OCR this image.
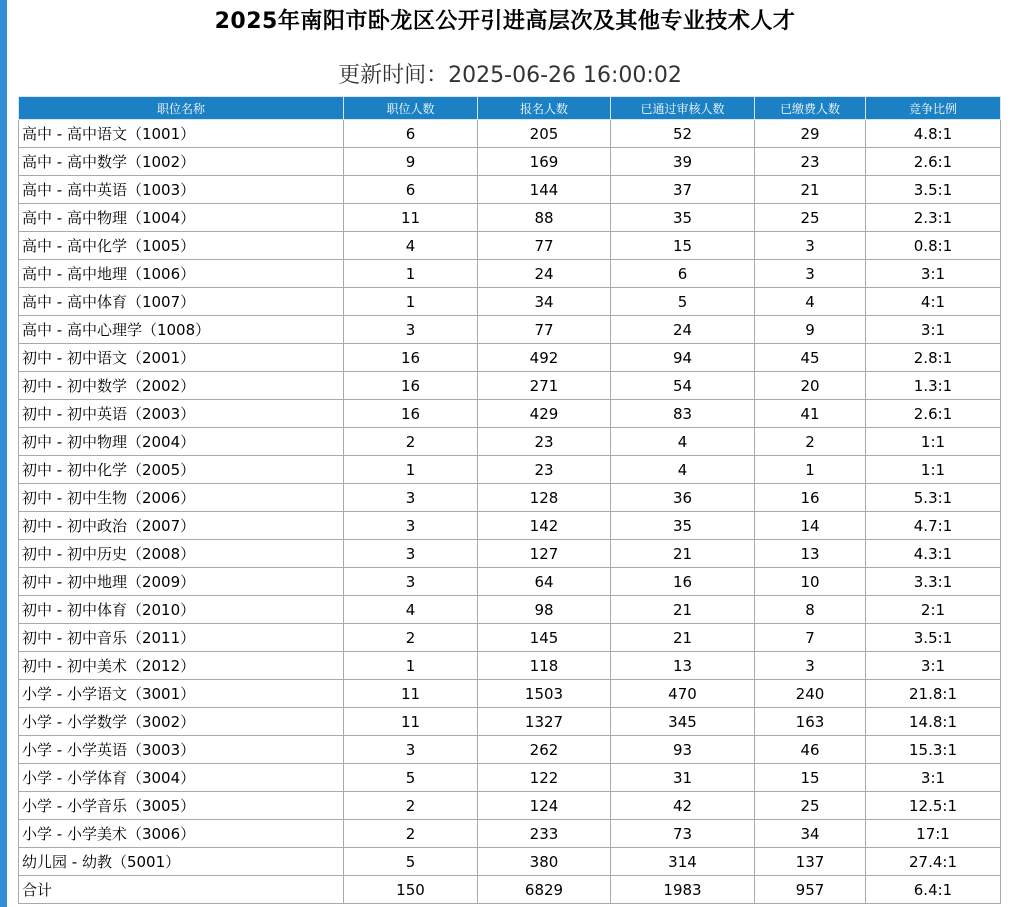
2025年南阳市卧龙区公开引进高层次及其他专业技术人才
更新时间：2025-06-26 16:00:02
职位名称	职位人数	报名人数	已通过审核人数	已缴费人数	竞争比例
高中 - 高中语文（1001）	6	205	52	29	4.8:1
高中 - 高中数学（1002）	9	169	39	23	2.6:1
高中 - 高中英语（1003）	6	144	37	21	3.5:1
高中 - 高中物理（1004）	11	88	35	25	2.3:1
高中 - 高中化学（1005）	4	77	15	3	0.8:1
高中 - 高中地理（1006）	1	24	6	3	3:1
高中 - 高中体育（1007）	1	34	5	4	4:1
高中 - 高中心理学（1008）	3	77	24	9	3:1
初中 - 初中语文（2001）	16	492	94	45	2.8:1
初中 - 初中数学（2002）	16	271	54	20	1.3:1
初中 - 初中英语（2003）	16	429	83	41	2.6:1
初中 - 初中物理（2004）	2	23	4	2	1:1
初中 - 初中化学（2005）	1	23	4	1	1:1
初中 - 初中生物（2006）	3	128	36	16	5.3:1
初中 - 初中政治（2007）	3	142	35	14	4.7:1
初中 - 初中历史（2008）	3	127	21	13	4.3:1
初中 - 初中地理（2009）	3	64	16	10	3.3:1
初中 - 初中体育（2010）	4	98	21	8	2:1
初中 - 初中音乐（2011）	2	145	21	7	3.5:1
初中 - 初中美术（2012）	1	118	13	3	3:1
小学 - 小学语文（3001）	11	1503	470	240	21.8:1
小学 - 小学数学（3002）	11	1327	345	163	14.8:1
小学 - 小学英语（3003）	3	262	93	46	15.3:1
小学 - 小学体育（3004）	5	122	31	15	3:1
小学 - 小学音乐（3005）	2	124	42	25	12.5:1
小学 - 小学美术（3006）	2	233	73	34	17:1
幼儿园 - 幼教（5001）	5	380	314	137	27.4:1
合计	150	6829	1983	957	6.4:1
